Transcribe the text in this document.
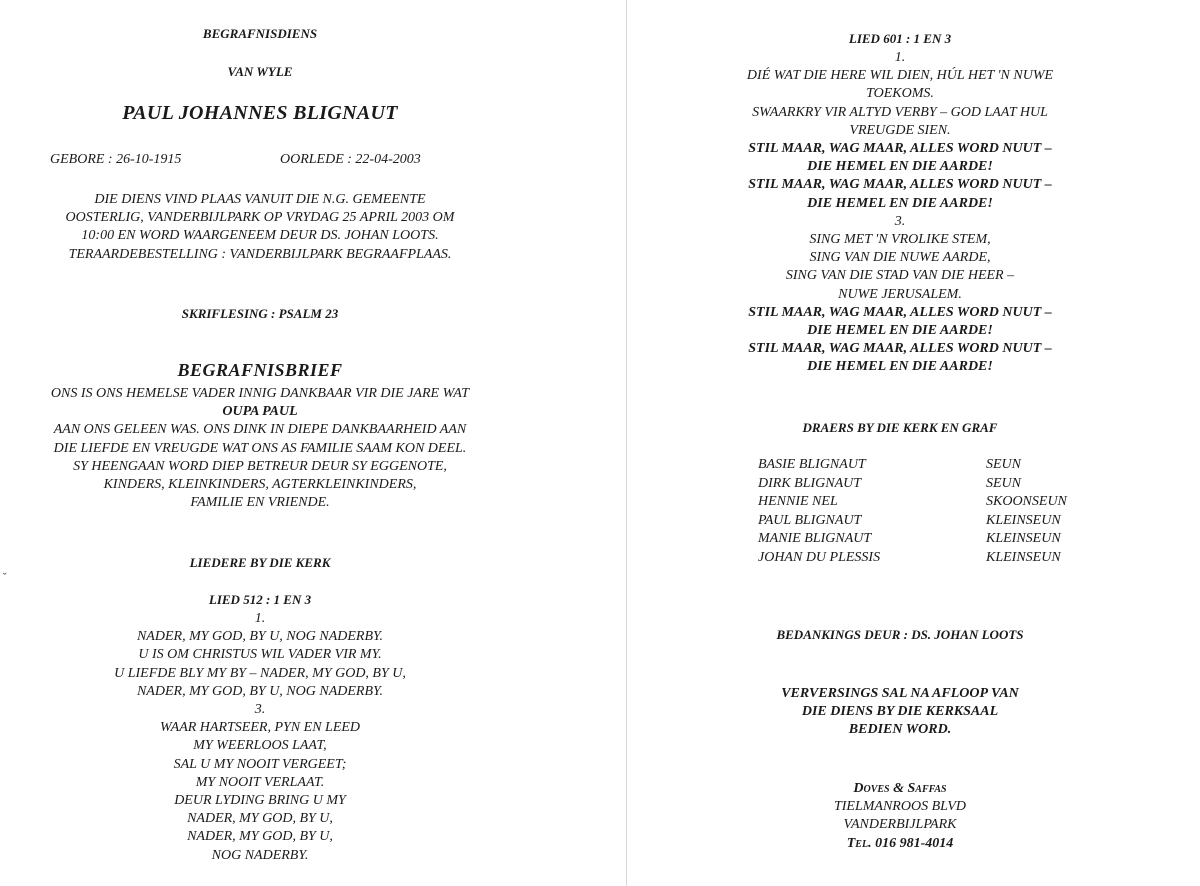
ˇ
BEGRAFNISDIENS
VAN WYLE
PAUL JOHANNES BLIGNAUT
GEBORE : 26-10-1915	OORLEDE : 22-04-2003
DIE DIENS VIND PLAAS VANUIT DIE N.G. GEMEENTE
OOSTERLIG, VANDERBIJLPARK OP VRYDAG 25 APRIL 2003 OM
10:00 EN WORD WAARGENEEM DEUR DS. JOHAN LOOTS.
TERAARDEBESTELLING : VANDERBIJLPARK BEGRAAFPLAAS.
SKRIFLESING : PSALM 23
BEGRAFNISBRIEF
ONS IS ONS HEMELSE VADER INNIG DANKBAAR VIR DIE JARE WAT
OUPA PAUL
AAN ONS GELEEN WAS. ONS DINK IN DIEPE DANKBAARHEID AAN
DIE LIEFDE EN VREUGDE WAT ONS AS FAMILIE SAAM KON DEEL.
SY HEENGAAN WORD DIEP BETREUR DEUR SY EGGENOTE,
KINDERS, KLEINKINDERS, AGTERKLEINKINDERS,
FAMILIE EN VRIENDE.
LIEDERE BY DIE KERK
LIED 512 : 1 EN 3
1.
NADER, MY GOD, BY U, NOG NADERBY.
U IS OM CHRISTUS WIL VADER VIR MY.
U LIEFDE BLY MY BY – NADER, MY GOD, BY U,
NADER, MY GOD, BY U, NOG NADERBY.
3.
WAAR HARTSEER, PYN EN LEED
MY WEERLOOS LAAT,
SAL U MY NOOIT VERGEET;
MY NOOIT VERLAAT.
DEUR LYDING BRING U MY
NADER, MY GOD, BY U,
NADER, MY GOD, BY U,
NOG NADERBY.
LIED 601 : 1 EN 3
1.
DIÉ WAT DIE HERE WIL DIEN, HÚL HET 'N NUWE
TOEKOMS.
SWAARKRY VIR ALTYD VERBY – GOD LAAT HUL
VREUGDE SIEN.
STIL MAAR, WAG MAAR, ALLES WORD NUUT –
DIE HEMEL EN DIE AARDE!
STIL MAAR, WAG MAAR, ALLES WORD NUUT –
DIE HEMEL EN DIE AARDE!
3.
SING MET 'N VROLIKE STEM,
SING VAN DIE NUWE AARDE,
SING VAN DIE STAD VAN DIE HEER –
NUWE JERUSALEM.
STIL MAAR, WAG MAAR, ALLES WORD NUUT –
DIE HEMEL EN DIE AARDE!
STIL MAAR, WAG MAAR, ALLES WORD NUUT –
DIE HEMEL EN DIE AARDE!
DRAERS BY DIE KERK EN GRAF
BEDANKINGS DEUR : DS. JOHAN LOOTS
VERVERSINGS SAL NA AFLOOP VAN
DIE DIENS BY DIE KERKSAAL
BEDIEN WORD.
Doves & Saffas
TIELMANROOS BLVD
VANDERBIJLPARK
Tel. 016 981-4014
BASIE BLIGNAUT	SEUN
DIRK BLIGNAUT	SEUN
HENNIE NEL	SKOONSEUN
PAUL BLIGNAUT	KLEINSEUN
MANIE BLIGNAUT	KLEINSEUN
JOHAN DU PLESSIS	KLEINSEUN
